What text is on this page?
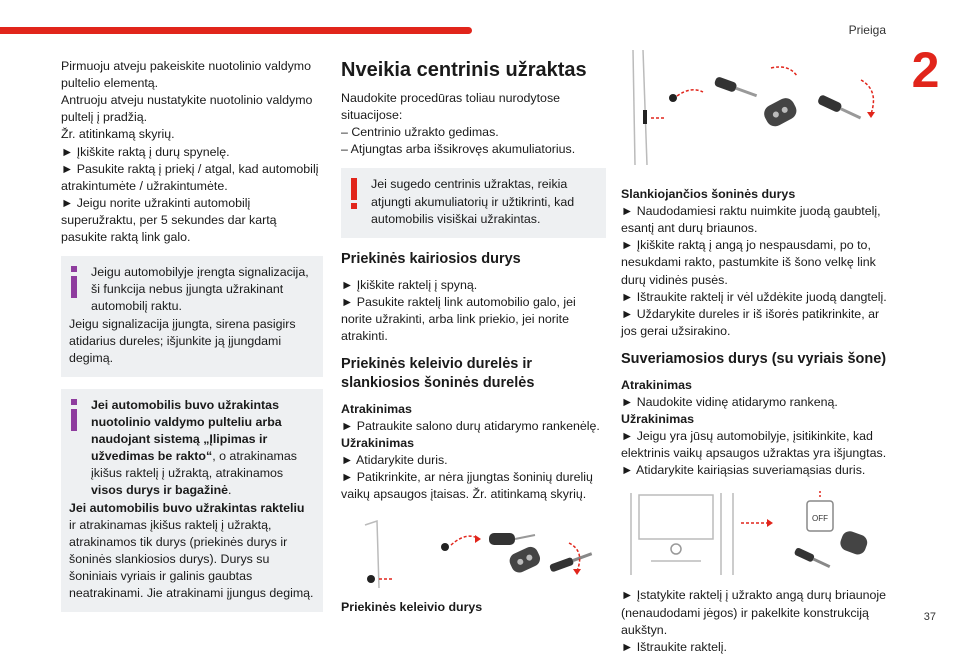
Prieiga
2
37

Pirmuoju atveju pakeiskite nuotolinio valdymo pultelio elementą.

Antruoju atveju nustatykite nuotolinio valdymo pultelį į pradžią.

Žr. atitinkamą skyrių.

► Įkiškite raktą į durų spynelę.

► Pasukite raktą į priekį / atgal, kad automobilį atrakintumėte / užrakintumėte.

► Jeigu norite užrakinti automobilį superužraktu, per 5 sekundes dar kartą pasukite raktą link galo.

Jeigu automobilyje įrengta signalizacija, ši funkcija nebus įjungta užrakinant automobilį raktu.

Jeigu signalizacija įjungta, sirena pasigirs atidarius dureles; išjunkite ją įjungdami degimą.

Jei automobilis buvo užrakintas nuotolinio valdymo pulteliu arba naudojant sistemą „Įlipimas ir užvedimas be rakto“, o atrakinamas įkišus raktelį į užraktą, atrakinamos visos durys ir bagažinė.

Jei automobilis buvo užrakintas rakteliu

ir atrakinamas įkišus raktelį į užraktą, atrakinamos tik durys (priekinės durys ir šoninės slankiosios durys). Durys su šoniniais vyriais ir galinis gaubtas neatrakinami. Jie atrakinami įjungus degimą.

Nveikia centrinis užraktas

Naudokite procedūras toliau nurodytose situacijose:

– Centrinio užrakto gedimas.

– Atjungtas arba išsikrovęs akumuliatorius.

Jei sugedo centrinis užraktas, reikia atjungti akumuliatorių ir užtikrinti, kad automobilis visiškai užrakintas.

Priekinės kairiosios durys

► Įkiškite raktelį į spyną.

► Pasukite raktelį link automobilio galo, jei norite užrakinti, arba link priekio, jei norite atrakinti.

Priekinės keleivio durelės ir slankiosios šoninės durelės

Atrakinimas

► Patraukite salono durų atidarymo rankenėlę.

Užrakinimas

► Atidarykite duris.

► Patikrinkite, ar nėra įjungtas šoninių durelių vaikų apsaugos įtaisas. Žr. atitinkamą skyrių.

Priekinės keleivio durys

Slankiojančios šoninės durys

► Naudodamiesi raktu nuimkite juodą gaubtelį, esantį ant durų briaunos.

► Įkiškite raktą į angą jo nespausdami, po to, nesukdami rakto, pastumkite iš šono velkę link durų vidinės pusės.

► Ištraukite raktelį ir vėl uždėkite juodą dangtelį.

► Uždarykite dureles ir iš išorės patikrinkite, ar jos gerai užsirakino.

Suveriamosios durys (su vyriais šone)

Atrakinimas

► Naudokite vidinę atidarymo rankeną.

Užrakinimas

► Jeigu yra jūsų automobilyje, įsitikinkite, kad elektrinis vaikų apsaugos užraktas yra išjungtas.

► Atidarykite kairiąsias suveriamąsias duris.

OFF

► Įstatykite raktelį į užrakto angą durų briaunoje (nenaudodami jėgos) ir pakelkite konstrukciją aukštyn.

► Ištraukite raktelį.
